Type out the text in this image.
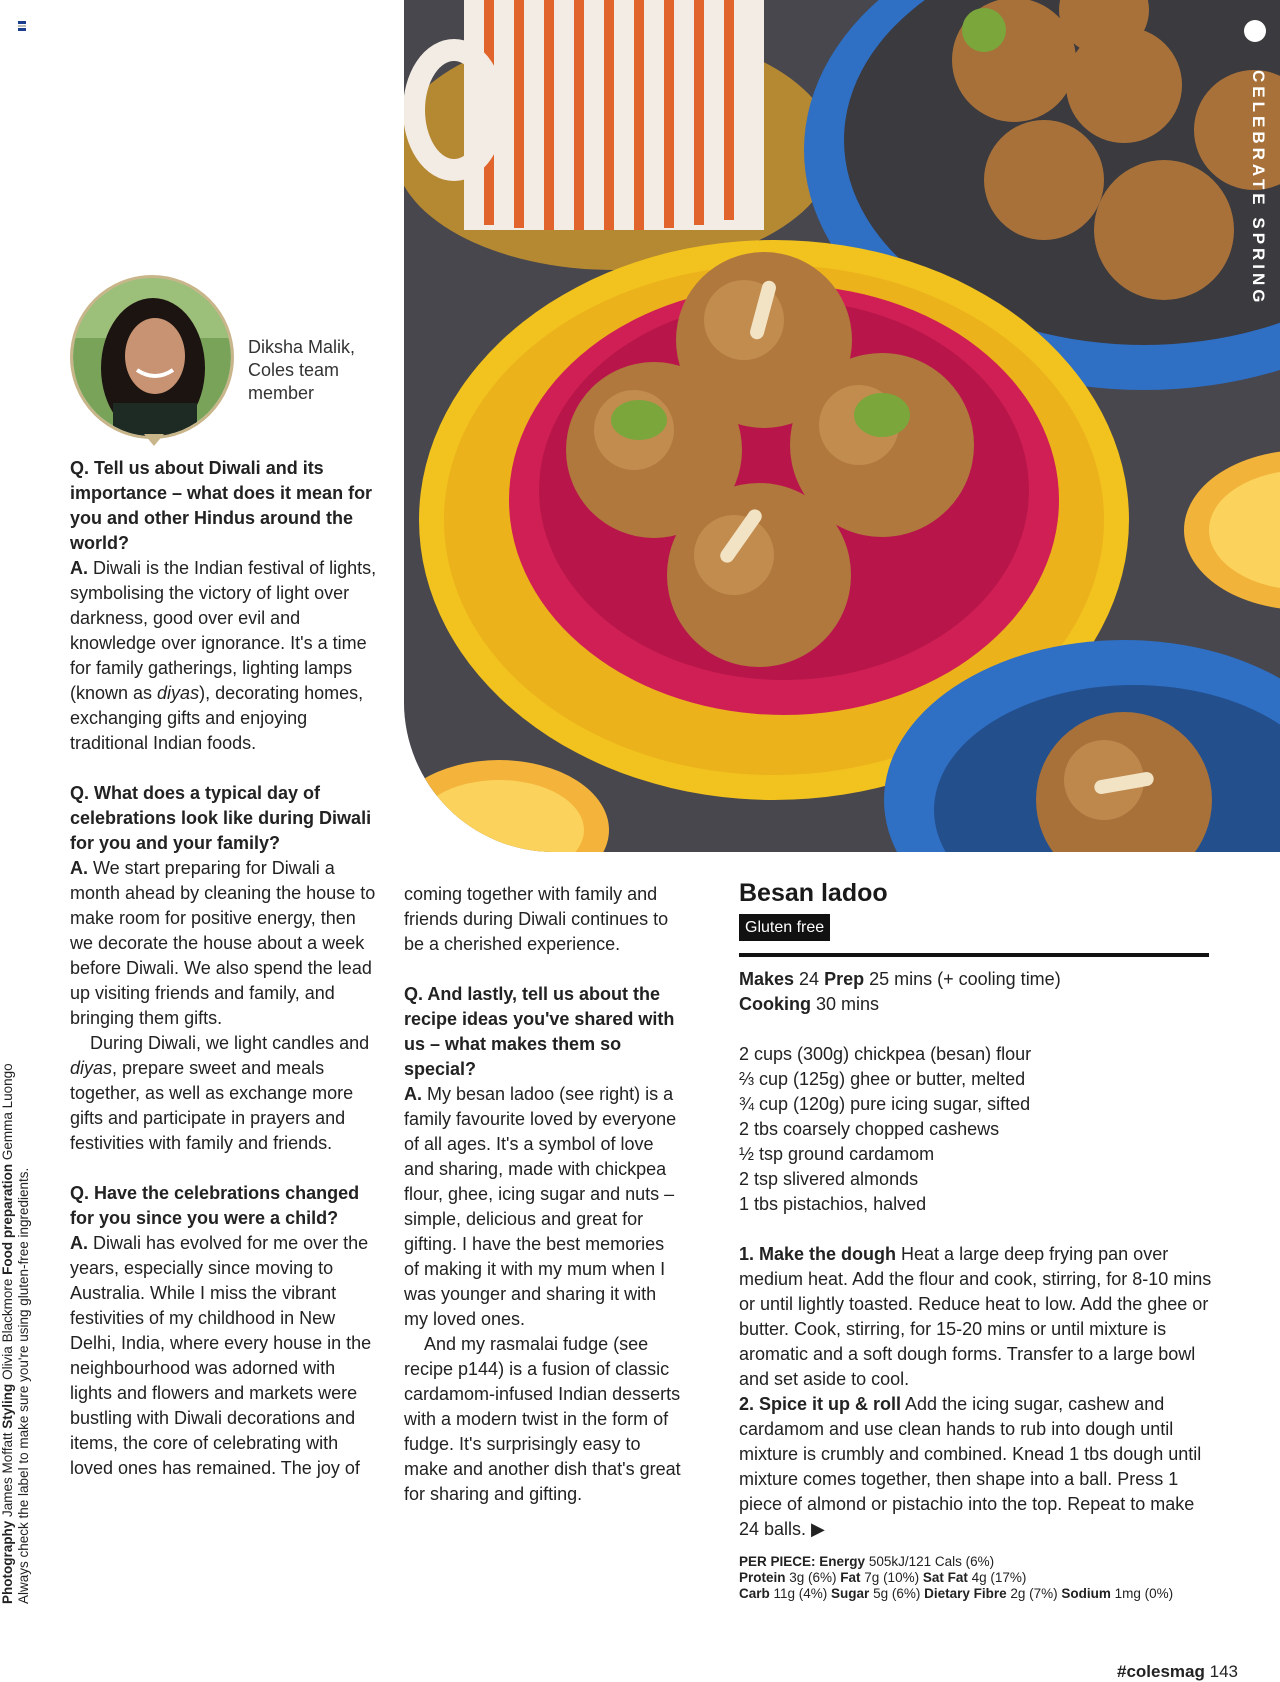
CELEBRATE SPRING
Photography James Moffatt Styling Olivia Blackmore Food preparation Gemma Luongo
Always check the label to make sure you're using gluten-free ingredients.
Diksha Malik, Coles team member

Q. Tell us about Diwali and its importance – what does it mean for you and other Hindus around the world?

A. Diwali is the Indian festival of lights, symbolising the victory of light over darkness, good over evil and knowledge over ignorance. It's a time for family gatherings, lighting lamps (known as diyas), decorating homes, exchanging gifts and enjoying traditional Indian foods.

Q. What does a typical day of celebrations look like during Diwali for you and your family?

A. We start preparing for Diwali a month ahead by cleaning the house to make room for positive energy, then we decorate the house about a week before Diwali. We also spend the lead up visiting friends and family, and bringing them gifts.

During Diwali, we light candles and diyas, prepare sweet and meals together, as well as exchange more gifts and participate in prayers and festivities with family and friends.

Q. Have the celebrations changed for you since you were a child?

A. Diwali has evolved for me over the years, especially since moving to Australia. While I miss the vibrant festivities of my childhood in New Delhi, India, where every house in the neighbourhood was adorned with lights and flowers and markets were bustling with Diwali decorations and items, the core of celebrating with loved ones has remained. The joy of

coming together with family and friends during Diwali continues to be a cherished experience.

Q. And lastly, tell us about the recipe ideas you've shared with us – what makes them so special?

A. My besan ladoo (see right) is a family favourite loved by everyone of all ages. It's a symbol of love and sharing, made with chickpea flour, ghee, icing sugar and nuts – simple, delicious and great for gifting. I have the best memories of making it with my mum when I was younger and sharing it with my loved ones.

And my rasmalai fudge (see recipe p144) is a fusion of classic cardamom-infused Indian desserts with a modern twist in the form of fudge. It's surprisingly easy to make and another dish that's great for sharing and gifting.

Besan ladoo
Gluten free

Makes 24 Prep 25 mins (+ cooling time)

Cooking 30 mins

2 cups (300g) chickpea (besan) flour

⅔ cup (125g) ghee or butter, melted

¾ cup (120g) pure icing sugar, sifted

2 tbs coarsely chopped cashews

½ tsp ground cardamom

2 tsp slivered almonds

1 tbs pistachios, halved

1. Make the dough Heat a large deep frying pan over medium heat. Add the flour and cook, stirring, for 8-10 mins or until lightly toasted. Reduce heat to low. Add the ghee or butter. Cook, stirring, for 15-20 mins or until mixture is aromatic and a soft dough forms. Transfer to a large bowl and set aside to cool.

2. Spice it up & roll Add the icing sugar, cashew and cardamom and use clean hands to rub into dough until mixture is crumbly and combined. Knead 1 tbs dough until mixture comes together, then shape into a ball. Press 1 piece of almond or pistachio into the top. Repeat to make 24 balls. ▶

PER PIECE: Energy 505kJ/121 Cals (6%)
Protein 3g (6%) Fat 7g (10%) Sat Fat 4g (17%)
Carb 11g (4%) Sugar 5g (6%) Dietary Fibre 2g (7%) Sodium 1mg (0%)
#colesmag 143
